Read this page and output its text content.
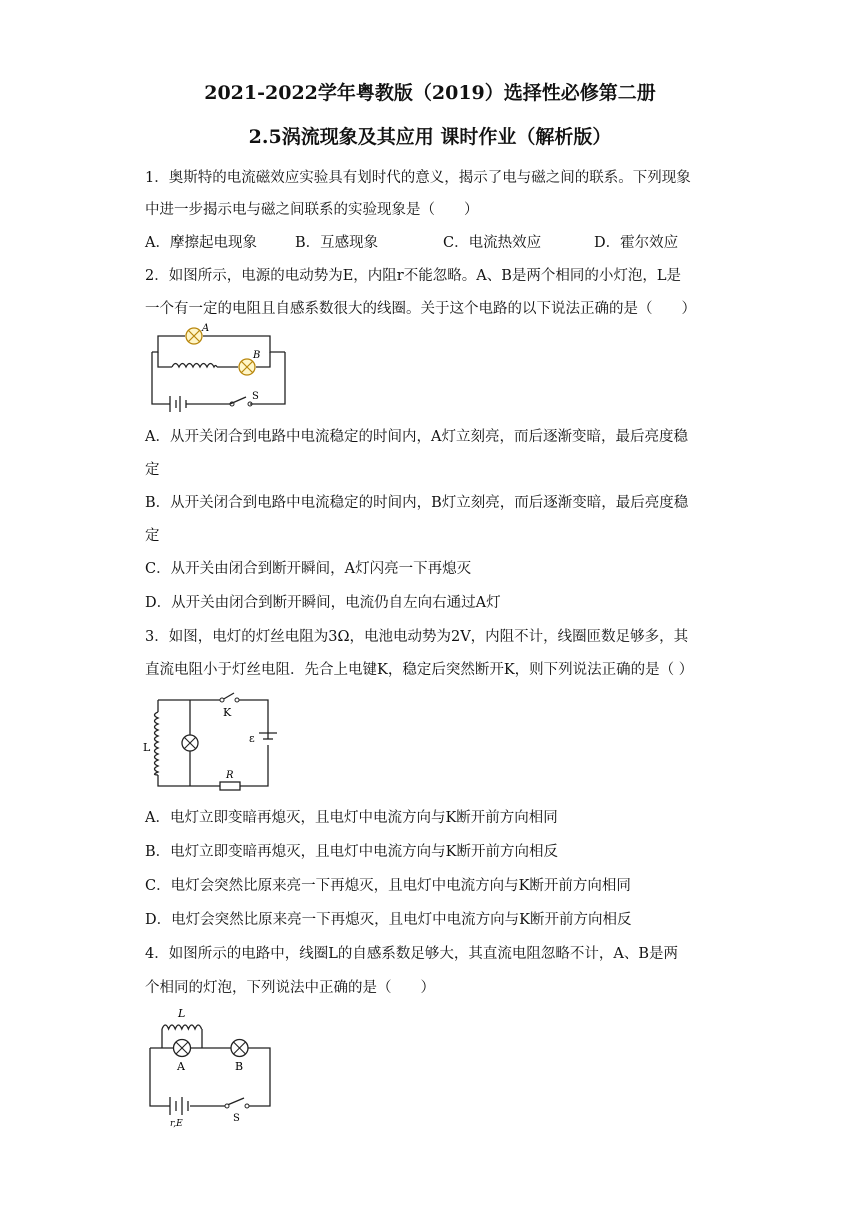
2021-2022学年粤教版（2019）选择性必修第二册
2.5涡流现象及其应用 课时作业（解析版）
1．奥斯特的电流磁效应实验具有划时代的意义，揭示了电与磁之间的联系。下列现象
中进一步揭示电与磁之间联系的实验现象是（　　）
A．摩擦起电现象	B．互感现象	C．电流热效应	D．霍尔效应
2．如图所示，电源的电动势为E，内阻r不能忽略。A、B是两个相同的小灯泡，L是
一个有一定的电阻且自感系数很大的线圈。关于这个电路的以下说法正确的是（　　）
A
B
S
A．从开关闭合到电路中电流稳定的时间内，A灯立刻亮，而后逐渐变暗，最后亮度稳
定
B．从开关闭合到电路中电流稳定的时间内，B灯立刻亮，而后逐渐变暗，最后亮度稳
定
C．从开关由闭合到断开瞬间，A灯闪亮一下再熄灭
D．从开关由闭合到断开瞬间，电流仍自左向右通过A灯
3．如图，电灯的灯丝电阻为3Ω，电池电动势为2V，内阻不计，线圈匝数足够多，其
直流电阻小于灯丝电阻．先合上电键K，稳定后突然断开K，则下列说法正确的是（ ）
L
K
ε
R
A．电灯立即变暗再熄灭，且电灯中电流方向与K断开前方向相同
B．电灯立即变暗再熄灭，且电灯中电流方向与K断开前方向相反
C．电灯会突然比原来亮一下再熄灭，且电灯中电流方向与K断开前方向相同
D．电灯会突然比原来亮一下再熄灭，且电灯中电流方向与K断开前方向相反
4．如图所示的电路中，线圈L的自感系数足够大，其直流电阻忽略不计，A、B是两
个相同的灯泡，下列说法中正确的是（　　）
L
A	B
r,E	S
